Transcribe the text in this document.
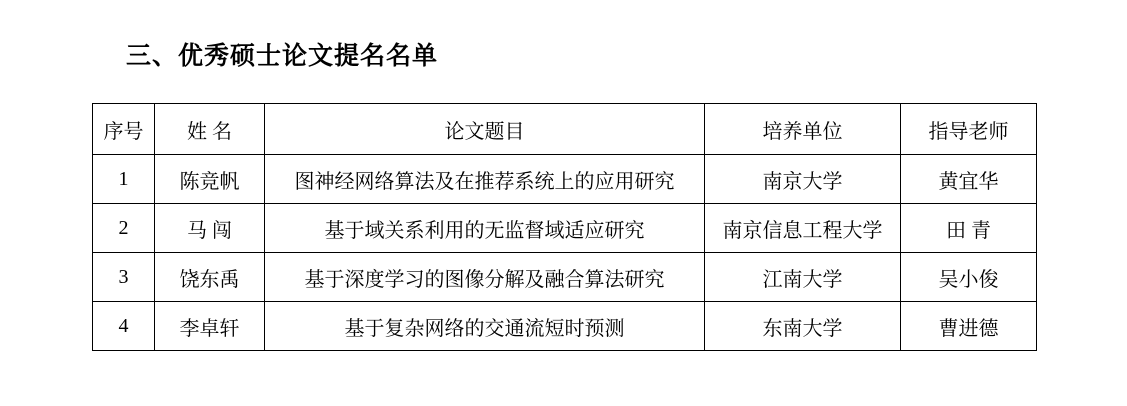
三、优秀硕士论文提名名单
序号	姓 名	论文题目	培养单位	指导老师
1	陈竞帆	图神经网络算法及在推荐系统上的应用研究	南京大学	黄宜华
2	马 闯	基于域关系利用的无监督域适应研究	南京信息工程大学	田 青
3	饶东禹	基于深度学习的图像分解及融合算法研究	江南大学	吴小俊
4	李卓轩	基于复杂网络的交通流短时预测	东南大学	曹进德
